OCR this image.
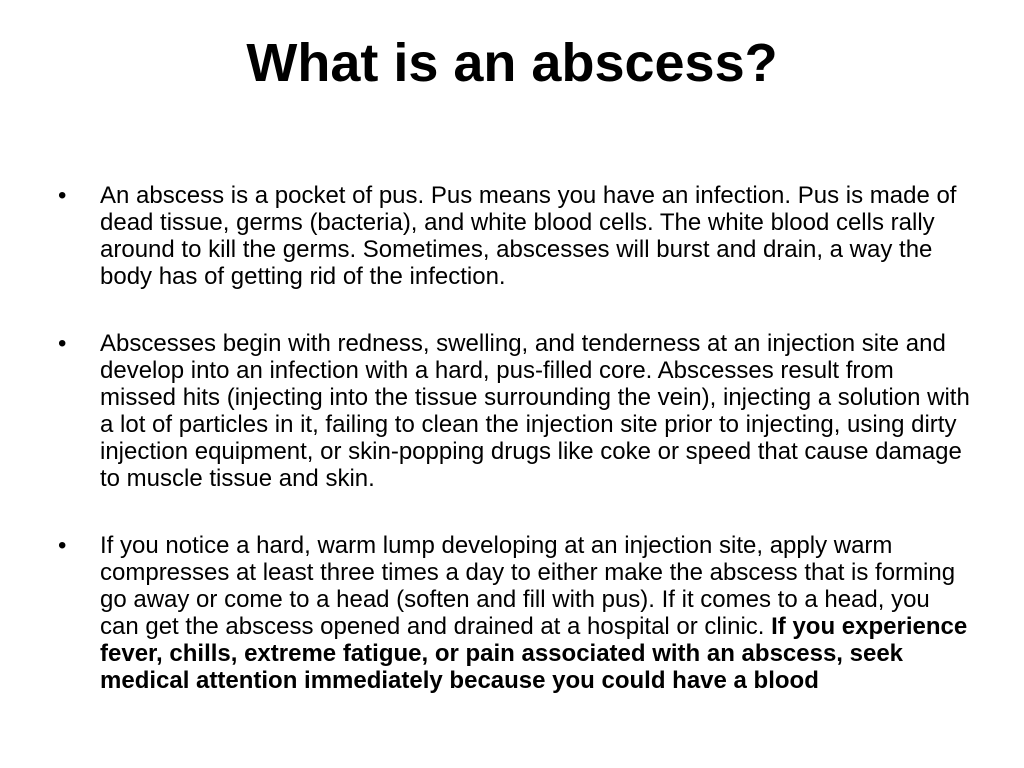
What is an abscess?
• An abscess is a pocket of pus. Pus means you have an infection. Pus is made of dead tissue, germs (bacteria), and white blood cells. The white blood cells rally around to kill the germs. Sometimes, abscesses will burst and drain, a way the body has of getting rid of the infection.
• Abscesses begin with redness, swelling, and tenderness at an injection site and develop into an infection with a hard, pus-filled core. Abscesses result from missed hits (injecting into the tissue surrounding the vein), injecting a solution with a lot of particles in it, failing to clean the injection site prior to injecting, using dirty injection equipment, or skin-popping drugs like coke or speed that cause damage to muscle tissue and skin.
• If you notice a hard, warm lump developing at an injection site, apply warm compresses at least three times a day to either make the abscess that is forming go away or come to a head (soften and fill with pus). If it comes to a head, you can get the abscess opened and drained at a hospital or clinic. If you experience fever, chills, extreme fatigue, or pain associated with an abscess, seek medical attention immediately because you could have a blood
